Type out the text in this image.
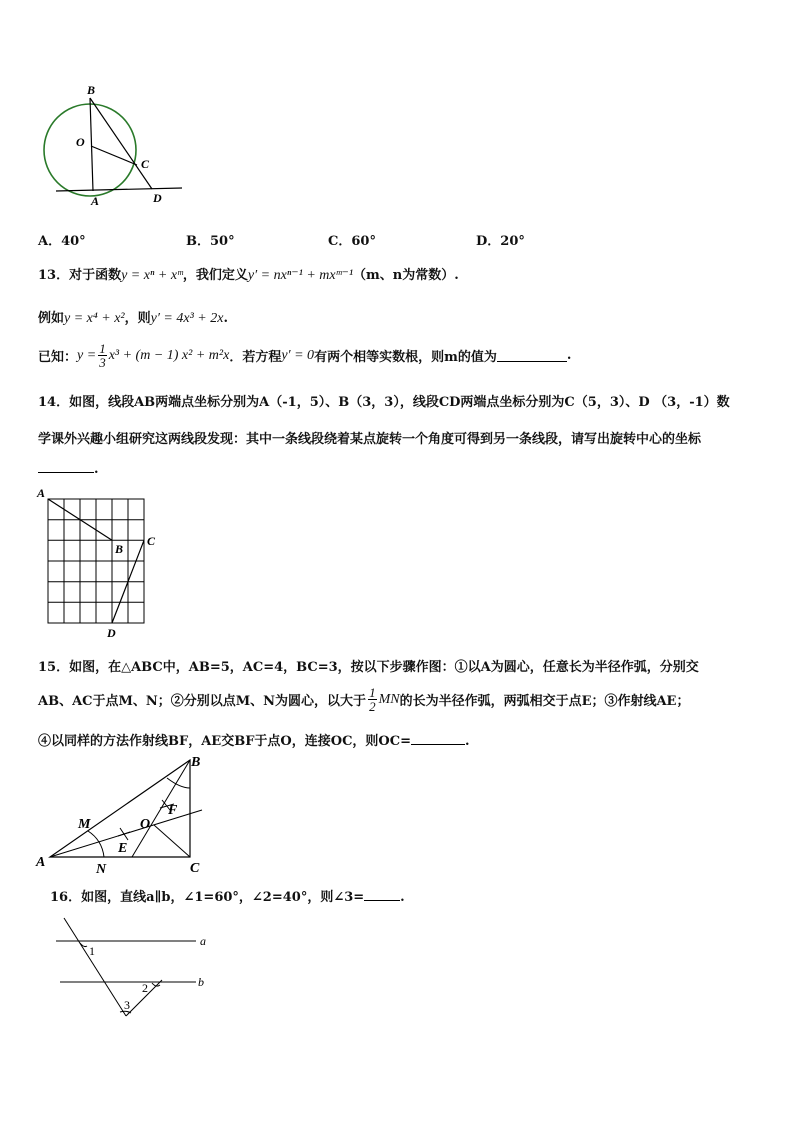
B
O
C
A	D
A．40°	B．50°	C．60°	D．20°
13．对于函数y = xⁿ + xᵐ，我们定义y′ = nxⁿ⁻¹ + mxᵐ⁻¹（m、n为常数）.
例如y = x⁴ + x²，则y′ = 4x³ + 2x.
已知： $y = \frac{1}{3} x^3 + (m - 1) x^2 + m^2x$ ．若方程 y′ = 0 有两个相等实数根，则m的值为	.
14．如图，线段AB两端点坐标分别为A（-1，5）、B（3，3），线段CD两端点坐标分别为C（5，3）、D （3，-1）数
学课外兴趣小组研究这两线段发现：其中一条线段绕着某点旋转一个角度可得到另一条线段，请写出旋转中心的坐标
.
A
B
C
D
15．如图，在△ABC中，AB=5，AC=4，BC=3，按以下步骤作图：①以A为圆心，任意长为半径作弧，分别交
AB、AC于点M、N；②分别以点M、N为圆心，以大于 $\frac{1}{2}$ MN 的长为半径作弧，两弧相交于点E；③作射线AE；
④以同样的方法作射线BF，AE交BF于点O，连接OC，则OC=	.
A
B
C
M
N
E
F
O
16．如图，直线a∥b，∠1=60°，∠2=40°，则∠3=	.
a
b
1
2
3
